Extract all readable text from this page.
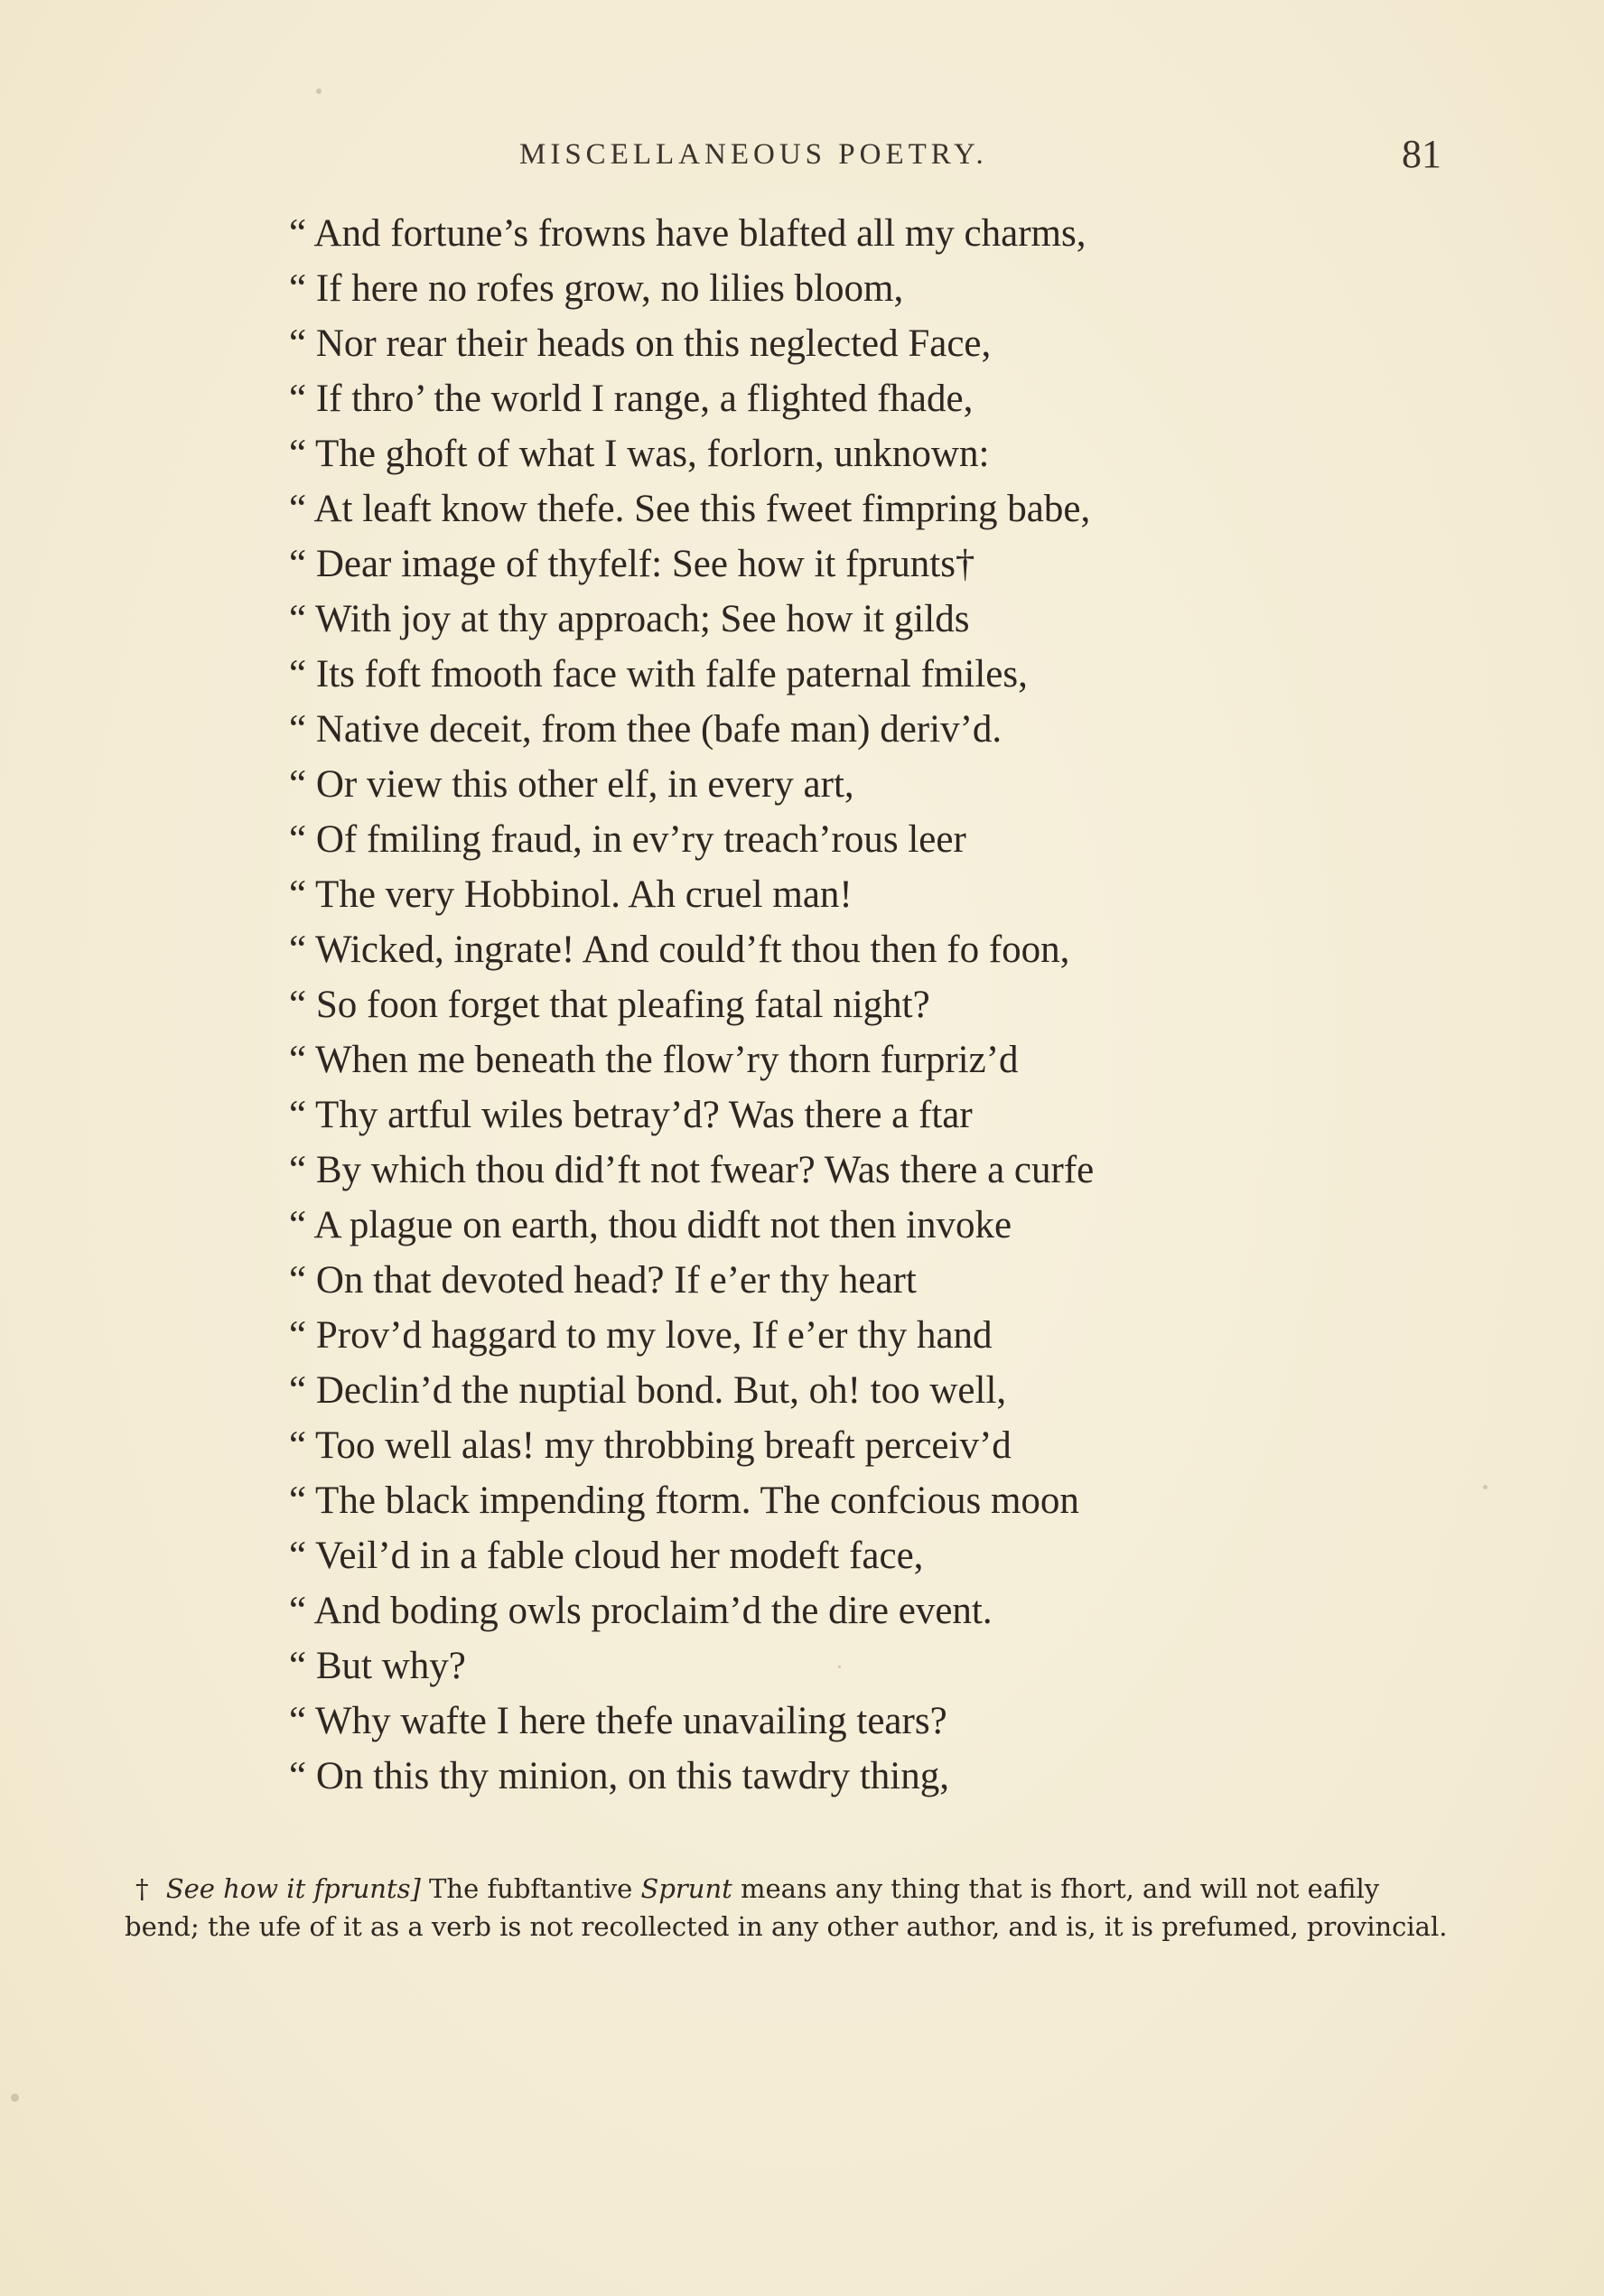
MISCELLANEOUS POETRY.	81
“ And fortune’s frowns have blafted all my charms,
“ If here no rofes grow, no lilies bloom,
“ Nor rear their heads on this neglected Face,
“ If thro’ the world I range, a flighted fhade,
“ The ghoft of what I was, forlorn, unknown:
“ At leaft know thefe. See this fweet fimpring babe,
“ Dear image of thyfelf: See how it fprunts†
“ With joy at thy approach; See how it gilds
“ Its foft fmooth face with falfe paternal fmiles,
“ Native deceit, from thee (bafe man) deriv’d.
“ Or view this other elf, in every art,
“ Of fmiling fraud, in ev’ry treach’rous leer
“ The very Hobbinol. Ah cruel man!
“ Wicked, ingrate! And could’ft thou then fo foon,
“ So foon forget that pleafing fatal night?
“ When me beneath the flow’ry thorn furpriz’d
“ Thy artful wiles betray’d? Was there a ftar
“ By which thou did’ft not fwear? Was there a curfe
“ A plague on earth, thou didft not then invoke
“ On that devoted head? If e’er thy heart
“ Prov’d haggard to my love, If e’er thy hand
“ Declin’d the nuptial bond. But, oh! too well,
“ Too well alas! my throbbing breaft perceiv’d
“ The black impending ftorm. The confcious moon
“ Veil’d in a fable cloud her modeft face,
“ And boding owls proclaim’d the dire event.
“ But why?
“ Why wafte I here thefe unavailing tears?
“ On this thy minion, on this tawdry thing,
† See how it fprunts] The fubftantive Sprunt means any thing that is fhort, and will not eafily
bend; the ufe of it as a verb is not recollected in any other author, and is, it is prefumed, provincial.
